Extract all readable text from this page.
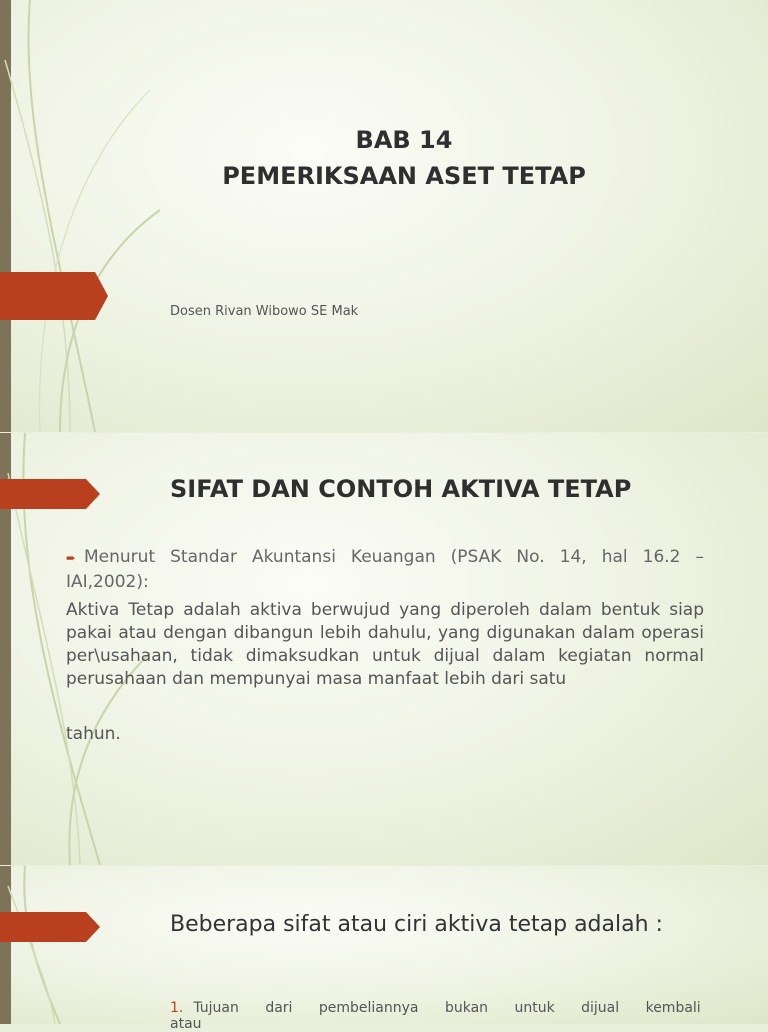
BAB 14
PEMERIKSAAN ASET TETAP
Dosen Rivan Wibowo SE Mak
SIFAT DAN CONTOH AKTIVA TETAP
➨ Menurut Standar Akuntansi Keuangan (PSAK No. 14, hal 16.2 – IAI,2002):
Aktiva Tetap adalah aktiva berwujud yang diperoleh dalam bentuk siap pakai atau dengan dibangun lebih dahulu, yang digunakan dalam operasi per\usahaan, tidak dimaksudkan untuk dijual dalam kegiatan normal perusahaan dan mempunyai masa manfaat lebih dari satu
tahun.
Beberapa sifat atau ciri aktiva tetap adalah :
1. Tujuan dari pembeliannya bukan untuk dijual kembali atau
